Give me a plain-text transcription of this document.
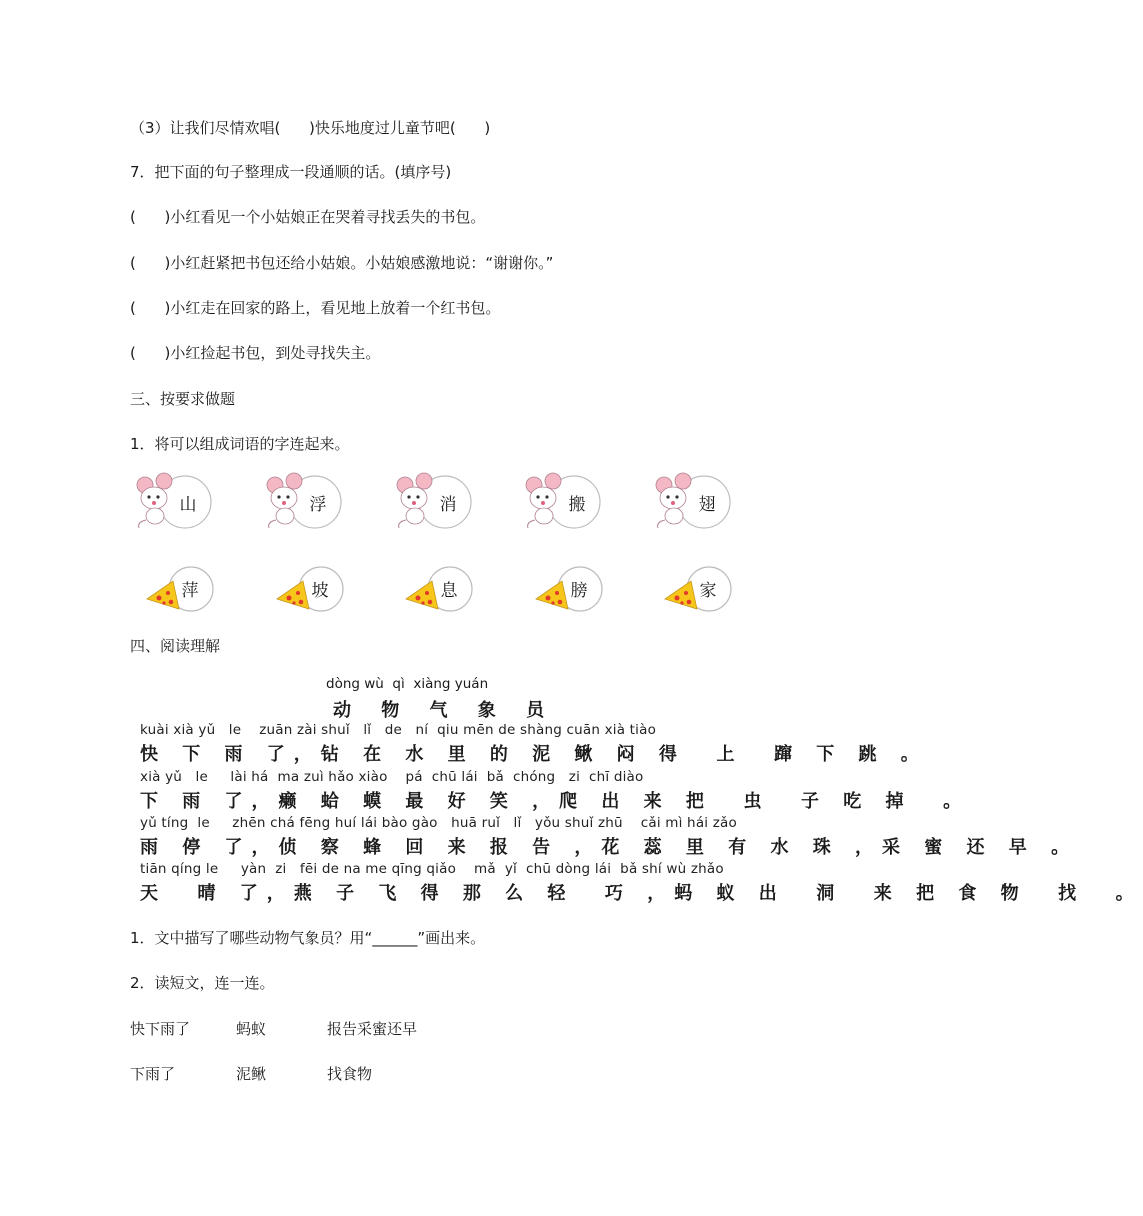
（3）让我们尽情欢唱(      )快乐地度过儿童节吧(      )
7．把下面的句子整理成一段通顺的话。(填序号)
(      )小红看见一个小姑娘正在哭着寻找丢失的书包。
(      )小红赶紧把书包还给小姑娘。小姑娘感激地说：“谢谢你。”
(      )小红走在回家的路上，看见地上放着一个红书包。
(      )小红捡起书包，到处寻找失主。
三、按要求做题
1．将可以组成词语的字连起来。
山	浮	消	搬	翅
萍	坡	息	膀	家
四、阅读理解
dòng wù  qì  xiàng yuán
动 物 气 象 员
kuài xià yǔ   le    zuān zài shuǐ   lǐ   de   ní  qiu mēn de shàng cuān xià tiào
快 下 雨 了，钻 在 水 里 的 泥 鳅 闷 得  上  蹿 下 跳 。
xià yǔ   le     lài há  ma zuì hǎo xiào    pá  chū lái  bǎ  chóng   zi  chī diào
下 雨 了，癞 蛤 蟆 最 好 笑 ，爬 出 来 把  虫  子 吃 掉  。
yǔ tíng  le     zhēn chá fēng huí lái bào gào   huā ruǐ   lǐ   yǒu shuǐ zhū    cǎi mì hái zǎo
雨 停 了，侦 察 蜂 回 来 报 告 ，花 蕊 里 有 水 珠 ，采 蜜 还 早 。
tiān qíng le     yàn  zi   fēi de na me qīng qiǎo    mǎ  yǐ  chū dòng lái  bǎ shí wù zhǎo
天  晴 了，燕 子 飞 得 那 么 轻  巧 ，蚂 蚁 出  洞  来 把 食 物  找  。
1．文中描写了哪些动物气象员？用“______”画出来。
2．读短文，连一连。
快下雨了	蚂蚁	报告采蜜还早
下雨了	泥鳅	找食物
